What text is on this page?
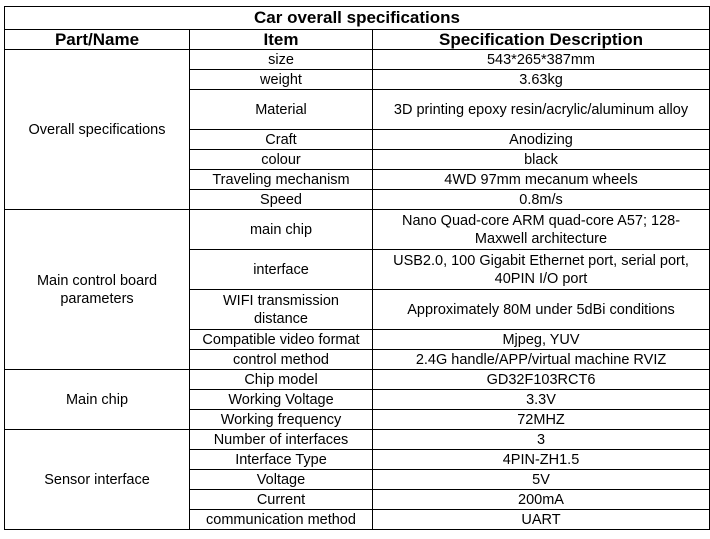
Car overall specifications		
Part/Name	Item	Specification Description
Overall specifications	size	543*265*387mm
	weight	3.63kg
	Material	3D printing epoxy resin/acrylic/aluminum alloy
	Craft	Anodizing
	colour	black
	Traveling mechanism	4WD 97mm mecanum wheels
	Speed	0.8m/s
Main control board parameters	main chip	Nano Quad-core ARM quad-core A57; 128-Maxwell architecture
	interface	USB2.0, 100 Gigabit Ethernet port, serial port, 40PIN I/O port
	WIFI transmission distance	Approximately 80M under 5dBi conditions
	Compatible video format	Mjpeg, YUV
	control method	2.4G handle/APP/virtual machine RVIZ
Main chip	Chip model	GD32F103RCT6
	Working Voltage	3.3V
	Working frequency	72MHZ
Sensor interface	Number of interfaces	3
	Interface Type	4PIN-ZH1.5
	Voltage	5V
	Current	200mA
	communication method	UART
